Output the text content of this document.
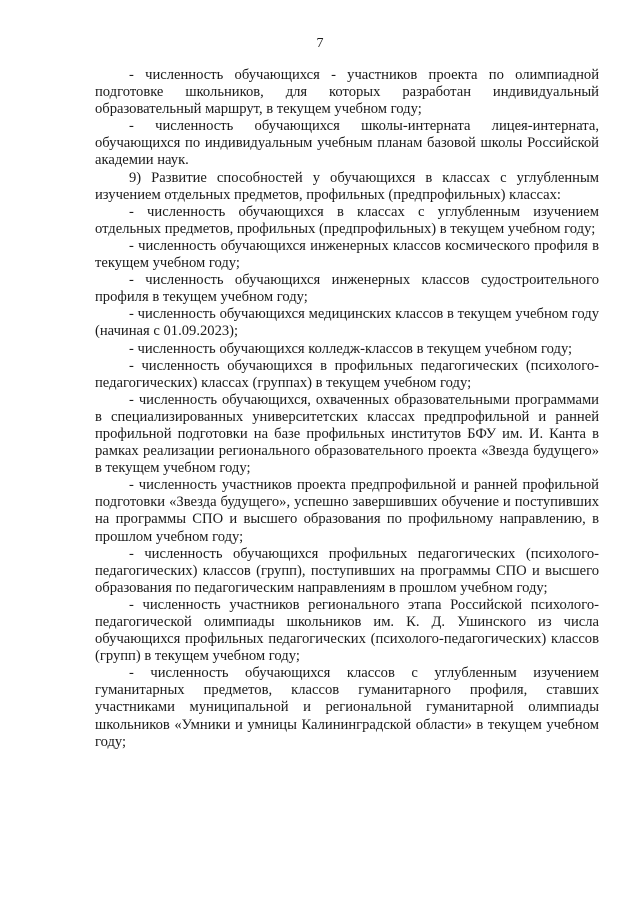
7

- численность обучающихся - участников проекта по олимпиадной подготовке школьников, для которых разработан индивидуальный образовательный маршрут, в текущем учебном году;

- численность обучающихся школы-интерната лицея-интерната, обучающихся по индивидуальным учебным планам базовой школы Российской академии наук.

9) Развитие способностей у обучающихся в классах с углубленным изучением отдельных предметов, профильных (предпрофильных) классах:

- численность обучающихся в классах с углубленным изучением отдельных предметов, профильных (предпрофильных) в текущем учебном году;

- численность обучающихся инженерных классов космического профиля в текущем учебном году;

- численность обучающихся инженерных классов судостроительного профиля в текущем учебном году;

- численность обучающихся медицинских классов в текущем учебном году (начиная с 01.09.2023);

- численность обучающихся колледж-классов в текущем учебном году;

- численность обучающихся в профильных педагогических (психолого-педагогических) классах (группах) в текущем учебном году;

- численность обучающихся, охваченных образовательными программами в специализированных университетских классах предпрофильной и ранней профильной подготовки на базе профильных институтов БФУ им. И. Канта в рамках реализации регионального образовательного проекта «Звезда будущего» в текущем учебном году;

- численность участников проекта предпрофильной и ранней профильной подготовки «Звезда будущего», успешно завершивших обучение и поступивших на программы СПО и высшего образования по профильному направлению, в прошлом учебном году;

- численность обучающихся профильных педагогических (психолого-педагогических) классов (групп), поступивших на программы СПО и высшего образования по педагогическим направлениям в прошлом учебном году;

- численность участников регионального этапа Российской психолого-педагогической олимпиады школьников им. К. Д. Ушинского из числа обучающихся профильных педагогических (психолого-педагогических) классов (групп) в текущем учебном году;

- численность обучающихся классов с углубленным изучением гуманитарных предметов, классов гуманитарного профиля, ставших участниками муниципальной и региональной гуманитарной олимпиады школьников «Умники и умницы Калининградской области» в текущем учебном году;
